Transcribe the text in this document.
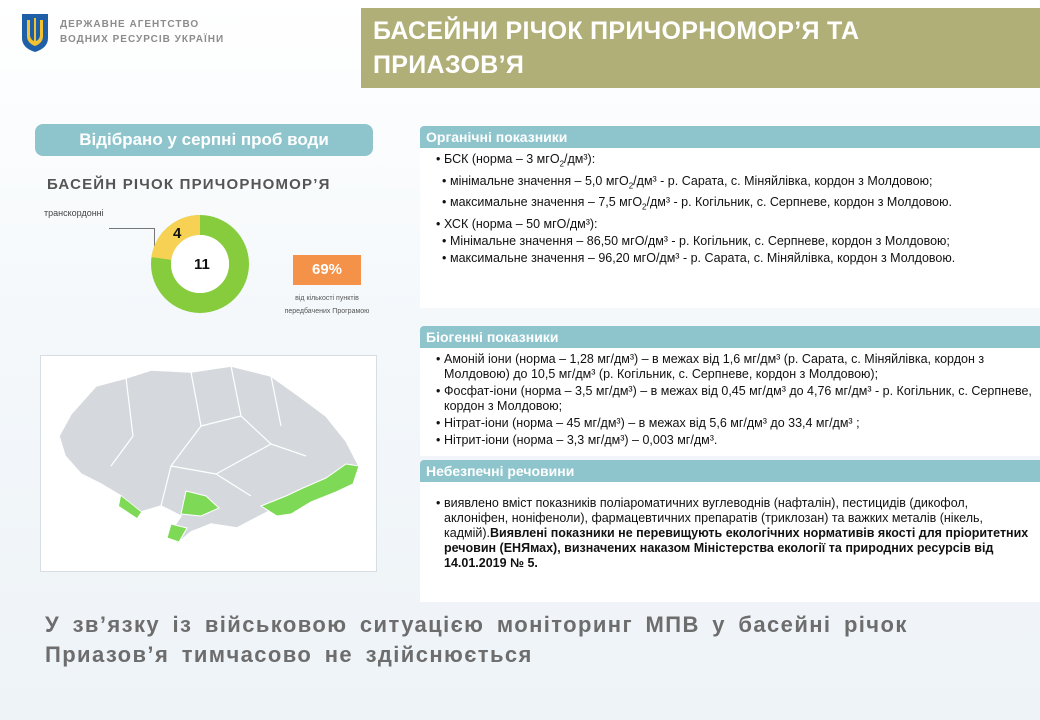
ДЕРЖАВНЕ АГЕНТСТВО
ВОДНИХ РЕСУРСІВ УКРАЇНИ	БАСЕЙНИ РІЧОК ПРИЧОРНОМОР’Я ТА
ПРИАЗОВ’Я
Відібрано у серпні проб води
БАСЕЙН РІЧОК ПРИЧОРНОМОР’Я
транскордонні
4
11	69%
від кількості пунктів
передбачених Програмою
Органічні показники
• БСК (норма – 3 мгО$_2$/дм³):
• мінімальне значення – 5,0 мгО$_2$/дм³ - р. Сарата, с. Міняйлівка, кордон з Молдовою;
• максимальне значення – 7,5 мгО$_2$/дм³ - р. Когільник, с. Серпневе, кордон з Молдовою.
• ХСК (норма – 50 мгО/дм³):
• Мінімальне значення – 86,50 мгО/дм³ - р. Когільник, с. Серпневе, кордон з Молдовою;
• максимальне значення – 96,20 мгО/дм³ - р. Сарата, с. Міняйлівка, кордон з Молдовою.
Біогенні показники
• Амоній іони (норма – 1,28 мг/дм³) – в межах від 1,6 мг/дм³ (р. Сарата, с. Міняйлівка, кордон з Молдовою) до 10,5 мг/дм³ (р. Когільник, с. Серпневе, кордон з Молдовою);
• Фосфат-іони (норма – 3,5 мг/дм³) – в межах від 0,45 мг/дм³ до 4,76 мг/дм³ - р. Когільник, с. Серпневе, кордон з Молдовою;
• Нітрат-іони (норма – 45 мг/дм³) – в межах від 5,6 мг/дм³ до 33,4 мг/дм³ ;
• Нітрит-іони (норма – 3,3 мг/дм³) – 0,003 мг/дм³.
Небезпечні речовини
• виявлено вміст показників поліароматичних вуглеводнів (нафталін), пестицидів (дикофол, аклоніфен, ноніфеноли), фармацевтичних препаратів (триклозан) та важких металів (нікель, кадмій).Виявлені показники не перевищують екологічних нормативів якості для пріоритетних речовин (ЕНЯмах), визначених наказом Міністерства екології та природних ресурсів від 14.01.2019 № 5.
У зв’язку із військовою ситуацією моніторинг МПВ у басейні річок Приазов’я тимчасово не здійснюється
